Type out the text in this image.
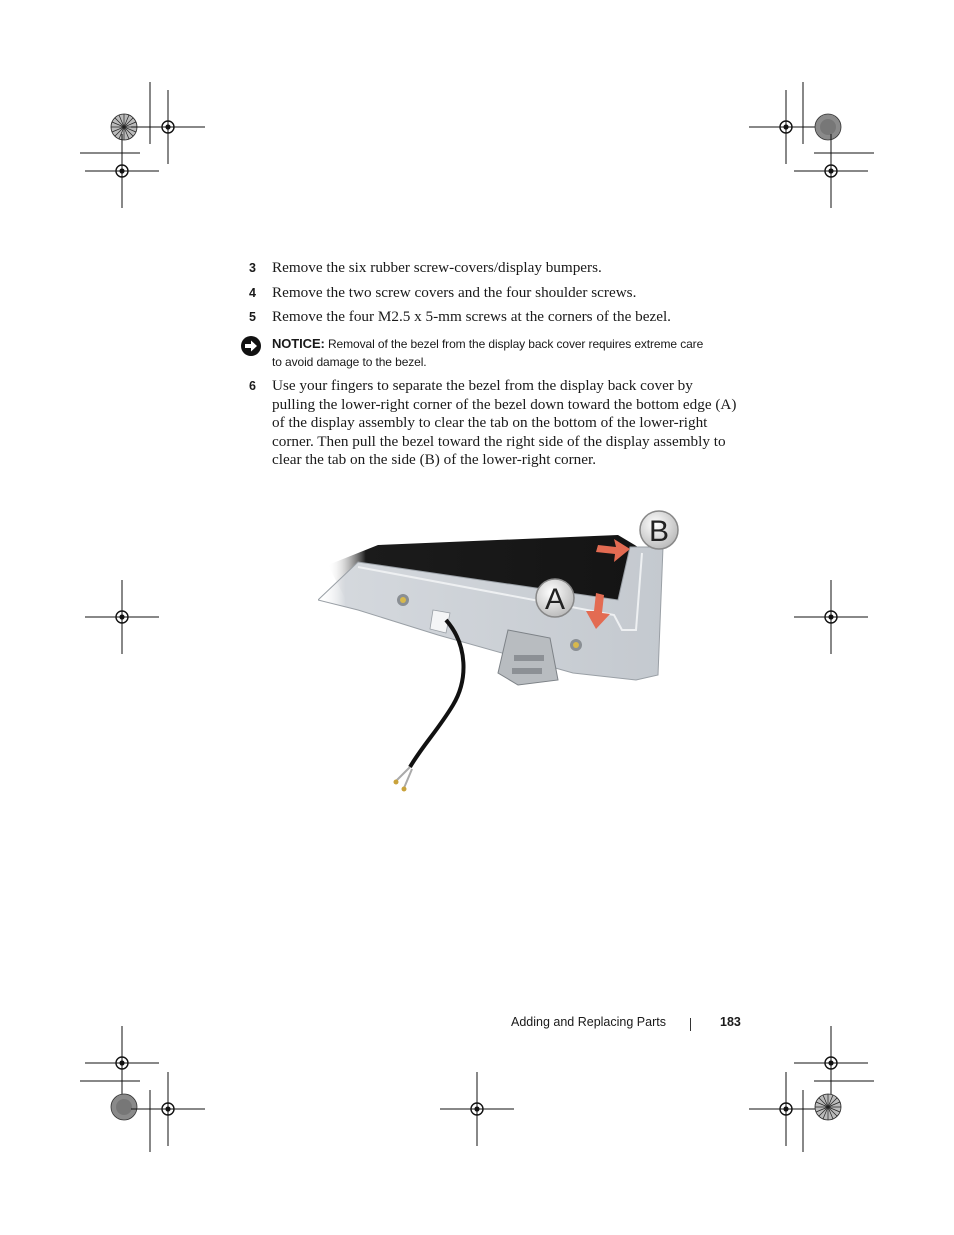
3 Remove the six rubber screw-covers/display bumpers.
4 Remove the two screw covers and the four shoulder screws.
5 Remove the four M2.5 x 5-mm screws at the corners of the bezel.
NOTICE: Removal of the bezel from the display back cover requires extreme care
to avoid damage to the bezel.
6 Use your fingers to separate the bezel from the display back cover by pulling the lower-right corner of the bezel down toward the bottom edge (A) of the display assembly to clear the tab on the bottom of the lower-right corner. Then pull the bezel toward the right side of the display assembly to clear the tab on the side (B) of the lower-right corner.
A
B
Adding and Replacing Parts	183
